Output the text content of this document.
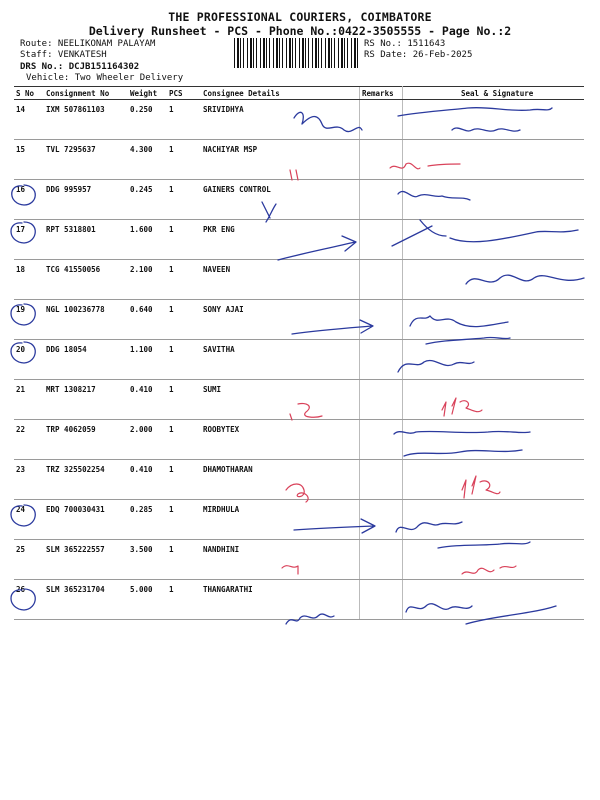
THE PROFESSIONAL COURIERS, COIMBATORE
Delivery Runsheet - PCS - Phone No.:0422-3505555 - Page No.:2
Route: NEELIKONAM PALAYAM
Staff: VENKATESH
DRS No.: DCJB151164302
Vehicle: Two Wheeler Delivery
RS No.: 1511643
RS Date: 26-Feb-2025
S No	Consignment No	Weight	PCS	Consignee Details	Remarks	Seal & Signature
14	IXM 507861103	0.250	1	SRIVIDHYA		
15	TVL 7295637	4.300	1	NACHIYAR MSP		
16	DDG 995957	0.245	1	GAINERS CONTROL		
17	RPT 5318801	1.600	1	PKR ENG		
18	TCG 41550056	2.100	1	NAVEEN		
19	NGL 100236778	0.640	1	SONY AJAI		
20	DDG 18054	1.100	1	SAVITHA		
21	MRT 1308217	0.410	1	SUMI		
22	TRP 4062059	2.000	1	ROOBYTEX		
23	TRZ 325502254	0.410	1	DHAMOTHARAN		
24	EDQ 700030431	0.285	1	MIRDHULA		
25	SLM 365222557	3.500	1	NANDHINI		
26	SLM 365231704	5.000	1	THANGARATHI		
